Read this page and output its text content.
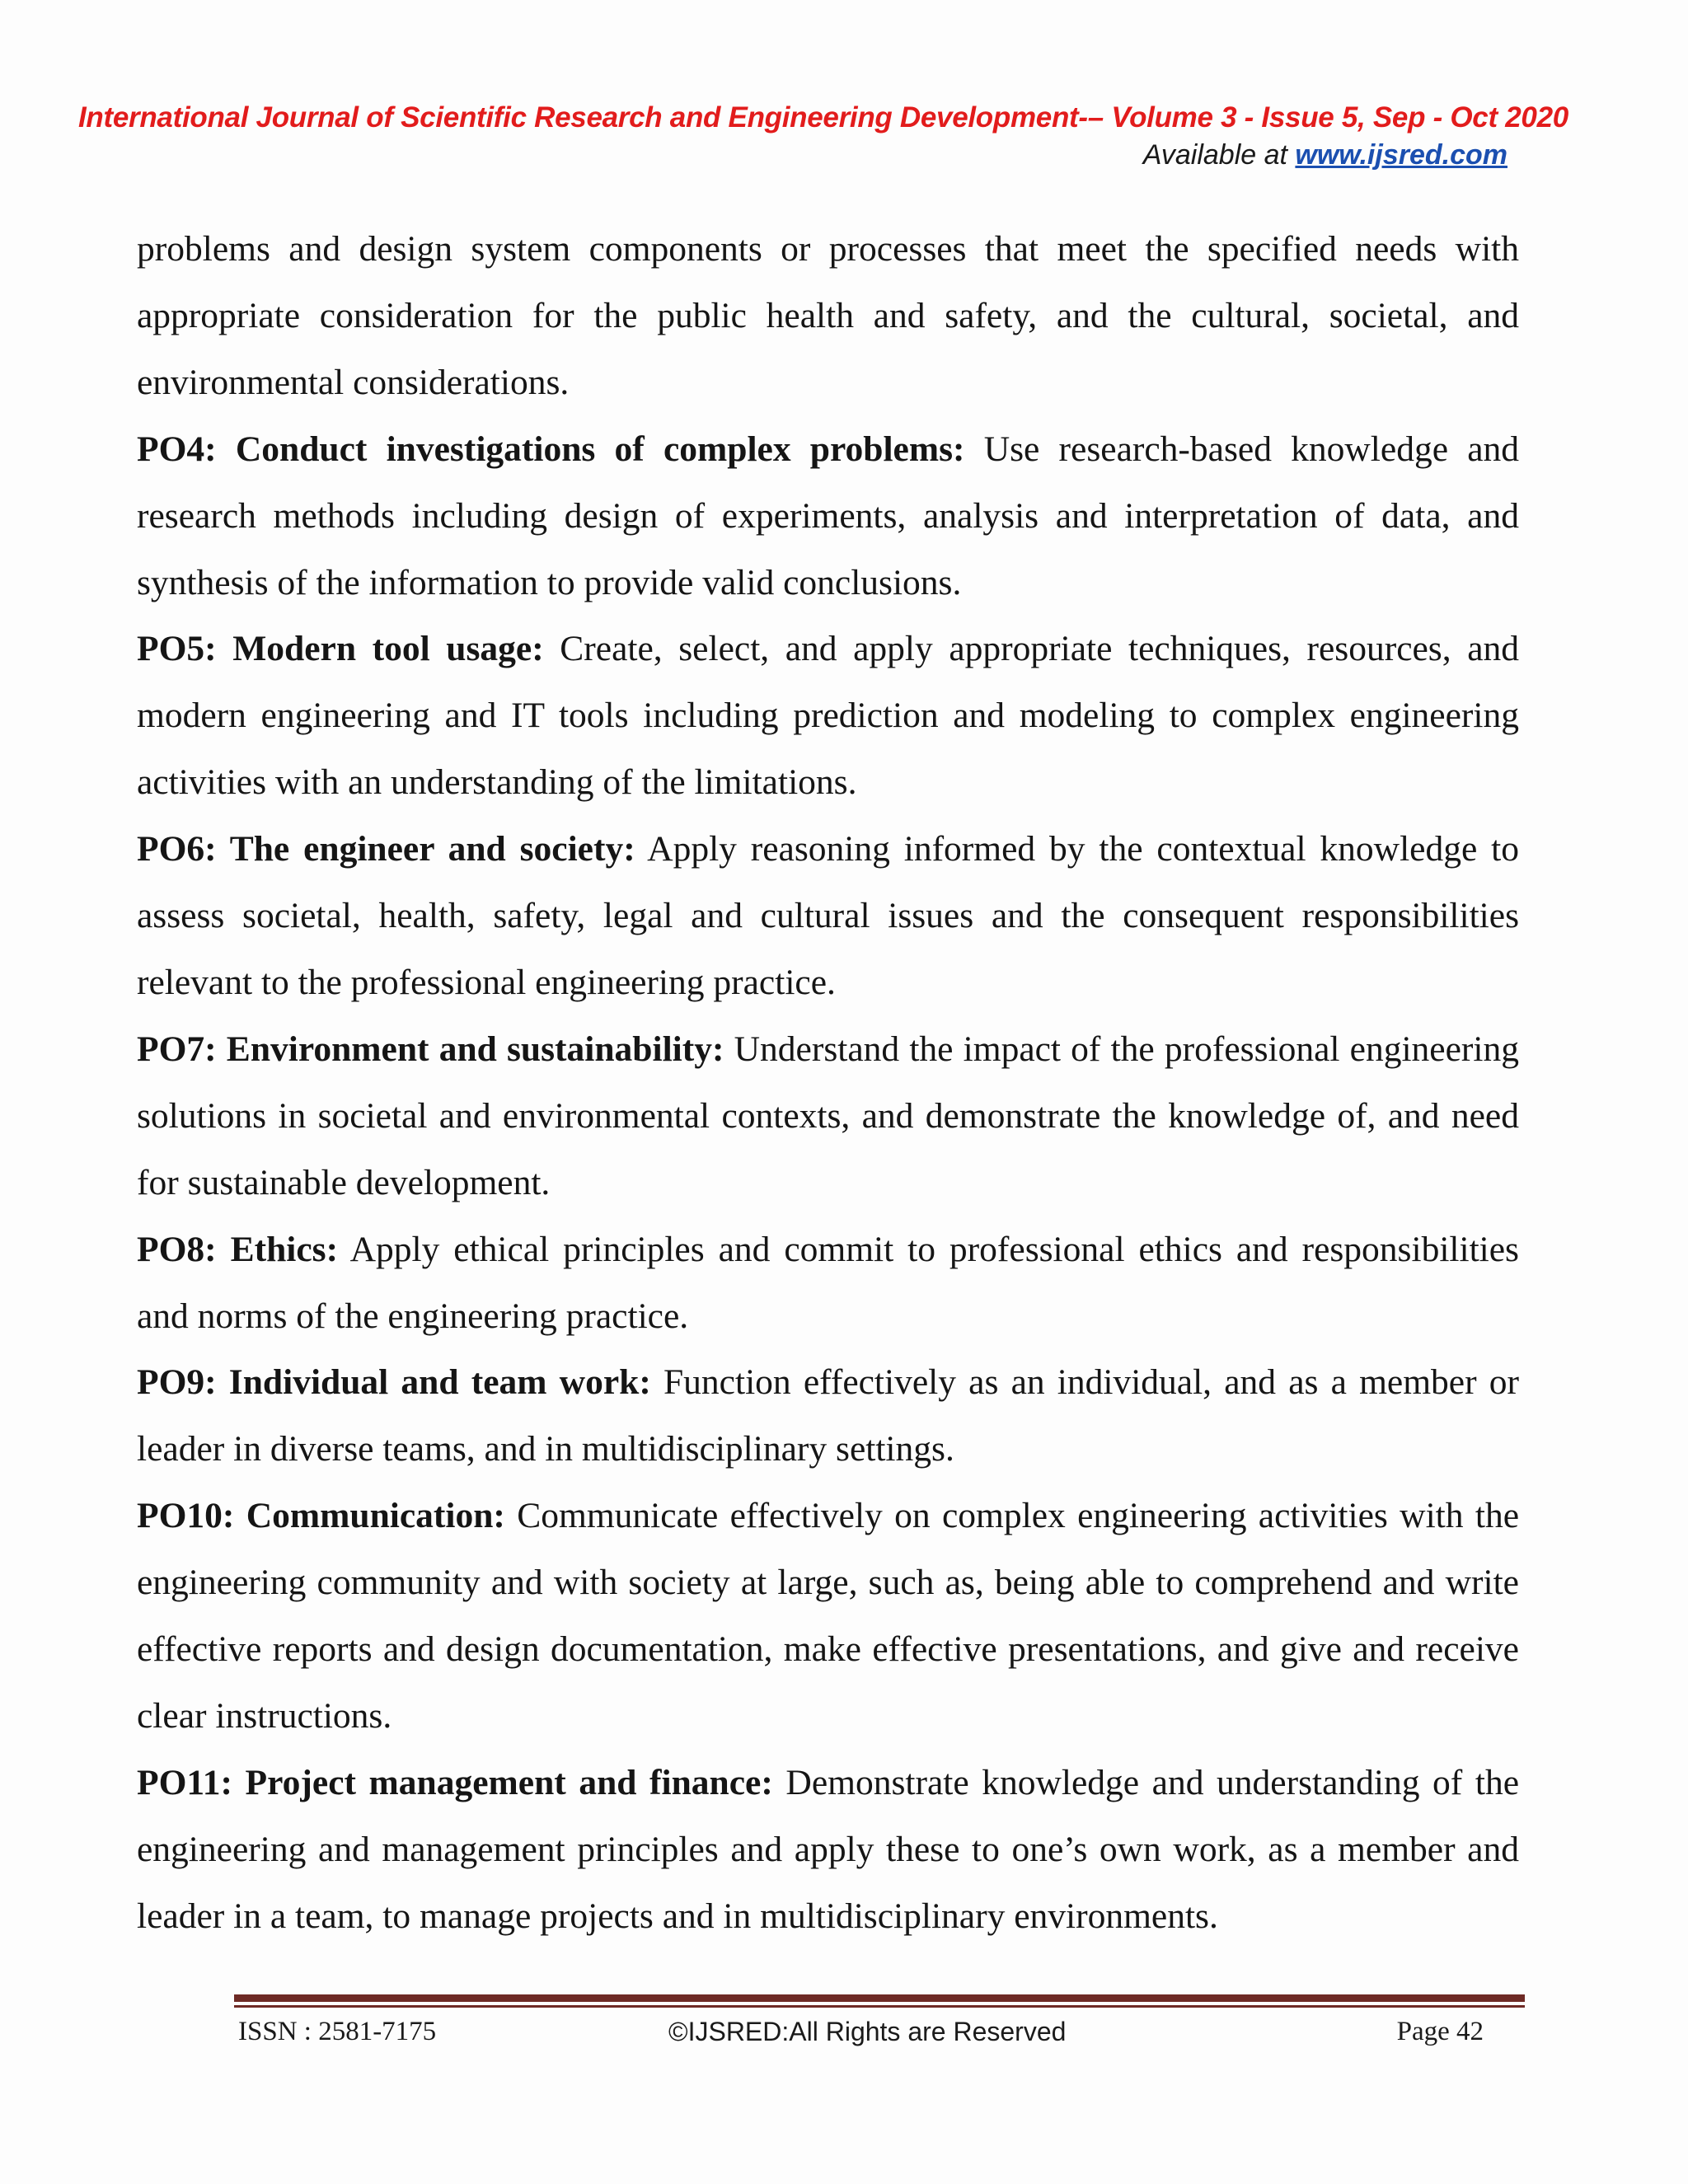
International Journal of Scientific Research and Engineering Development-– Volume 3 - Issue 5, Sep - Oct 2020
Available at www.ijsred.com

problems and design system components or processes that meet the specified needs with appropriate consideration for the public health and safety, and the cultural, societal, and environmental considerations.

PO4: Conduct investigations of complex problems: Use research-based knowledge and research methods including design of experiments, analysis and interpretation of data, and synthesis of the information to provide valid conclusions.

PO5: Modern tool usage: Create, select, and apply appropriate techniques, resources, and modern engineering and IT tools including prediction and modeling to complex engineering activities with an understanding of the limitations.

PO6: The engineer and society: Apply reasoning informed by the contextual knowledge to assess societal, health, safety, legal and cultural issues and the consequent responsibilities relevant to the professional engineering practice.

PO7: Environment and sustainability: Understand the impact of the professional engineering solutions in societal and environmental contexts, and demonstrate the knowledge of, and need for sustainable development.

PO8: Ethics: Apply ethical principles and commit to professional ethics and responsibilities and norms of the engineering practice.

PO9: Individual and team work: Function effectively as an individual, and as a member or leader in diverse teams, and in multidisciplinary settings.

PO10: Communication: Communicate effectively on complex engineering activities with the engineering community and with society at large, such as, being able to comprehend and write effective reports and design documentation, make effective presentations, and give and receive clear instructions.

PO11: Project management and finance: Demonstrate knowledge and understanding of the engineering and management principles and apply these to one’s own work, as a member and leader in a team, to manage projects and in multidisciplinary environments.

ISSN : 2581-7175	©IJSRED:All Rights are Reserved	Page 42
